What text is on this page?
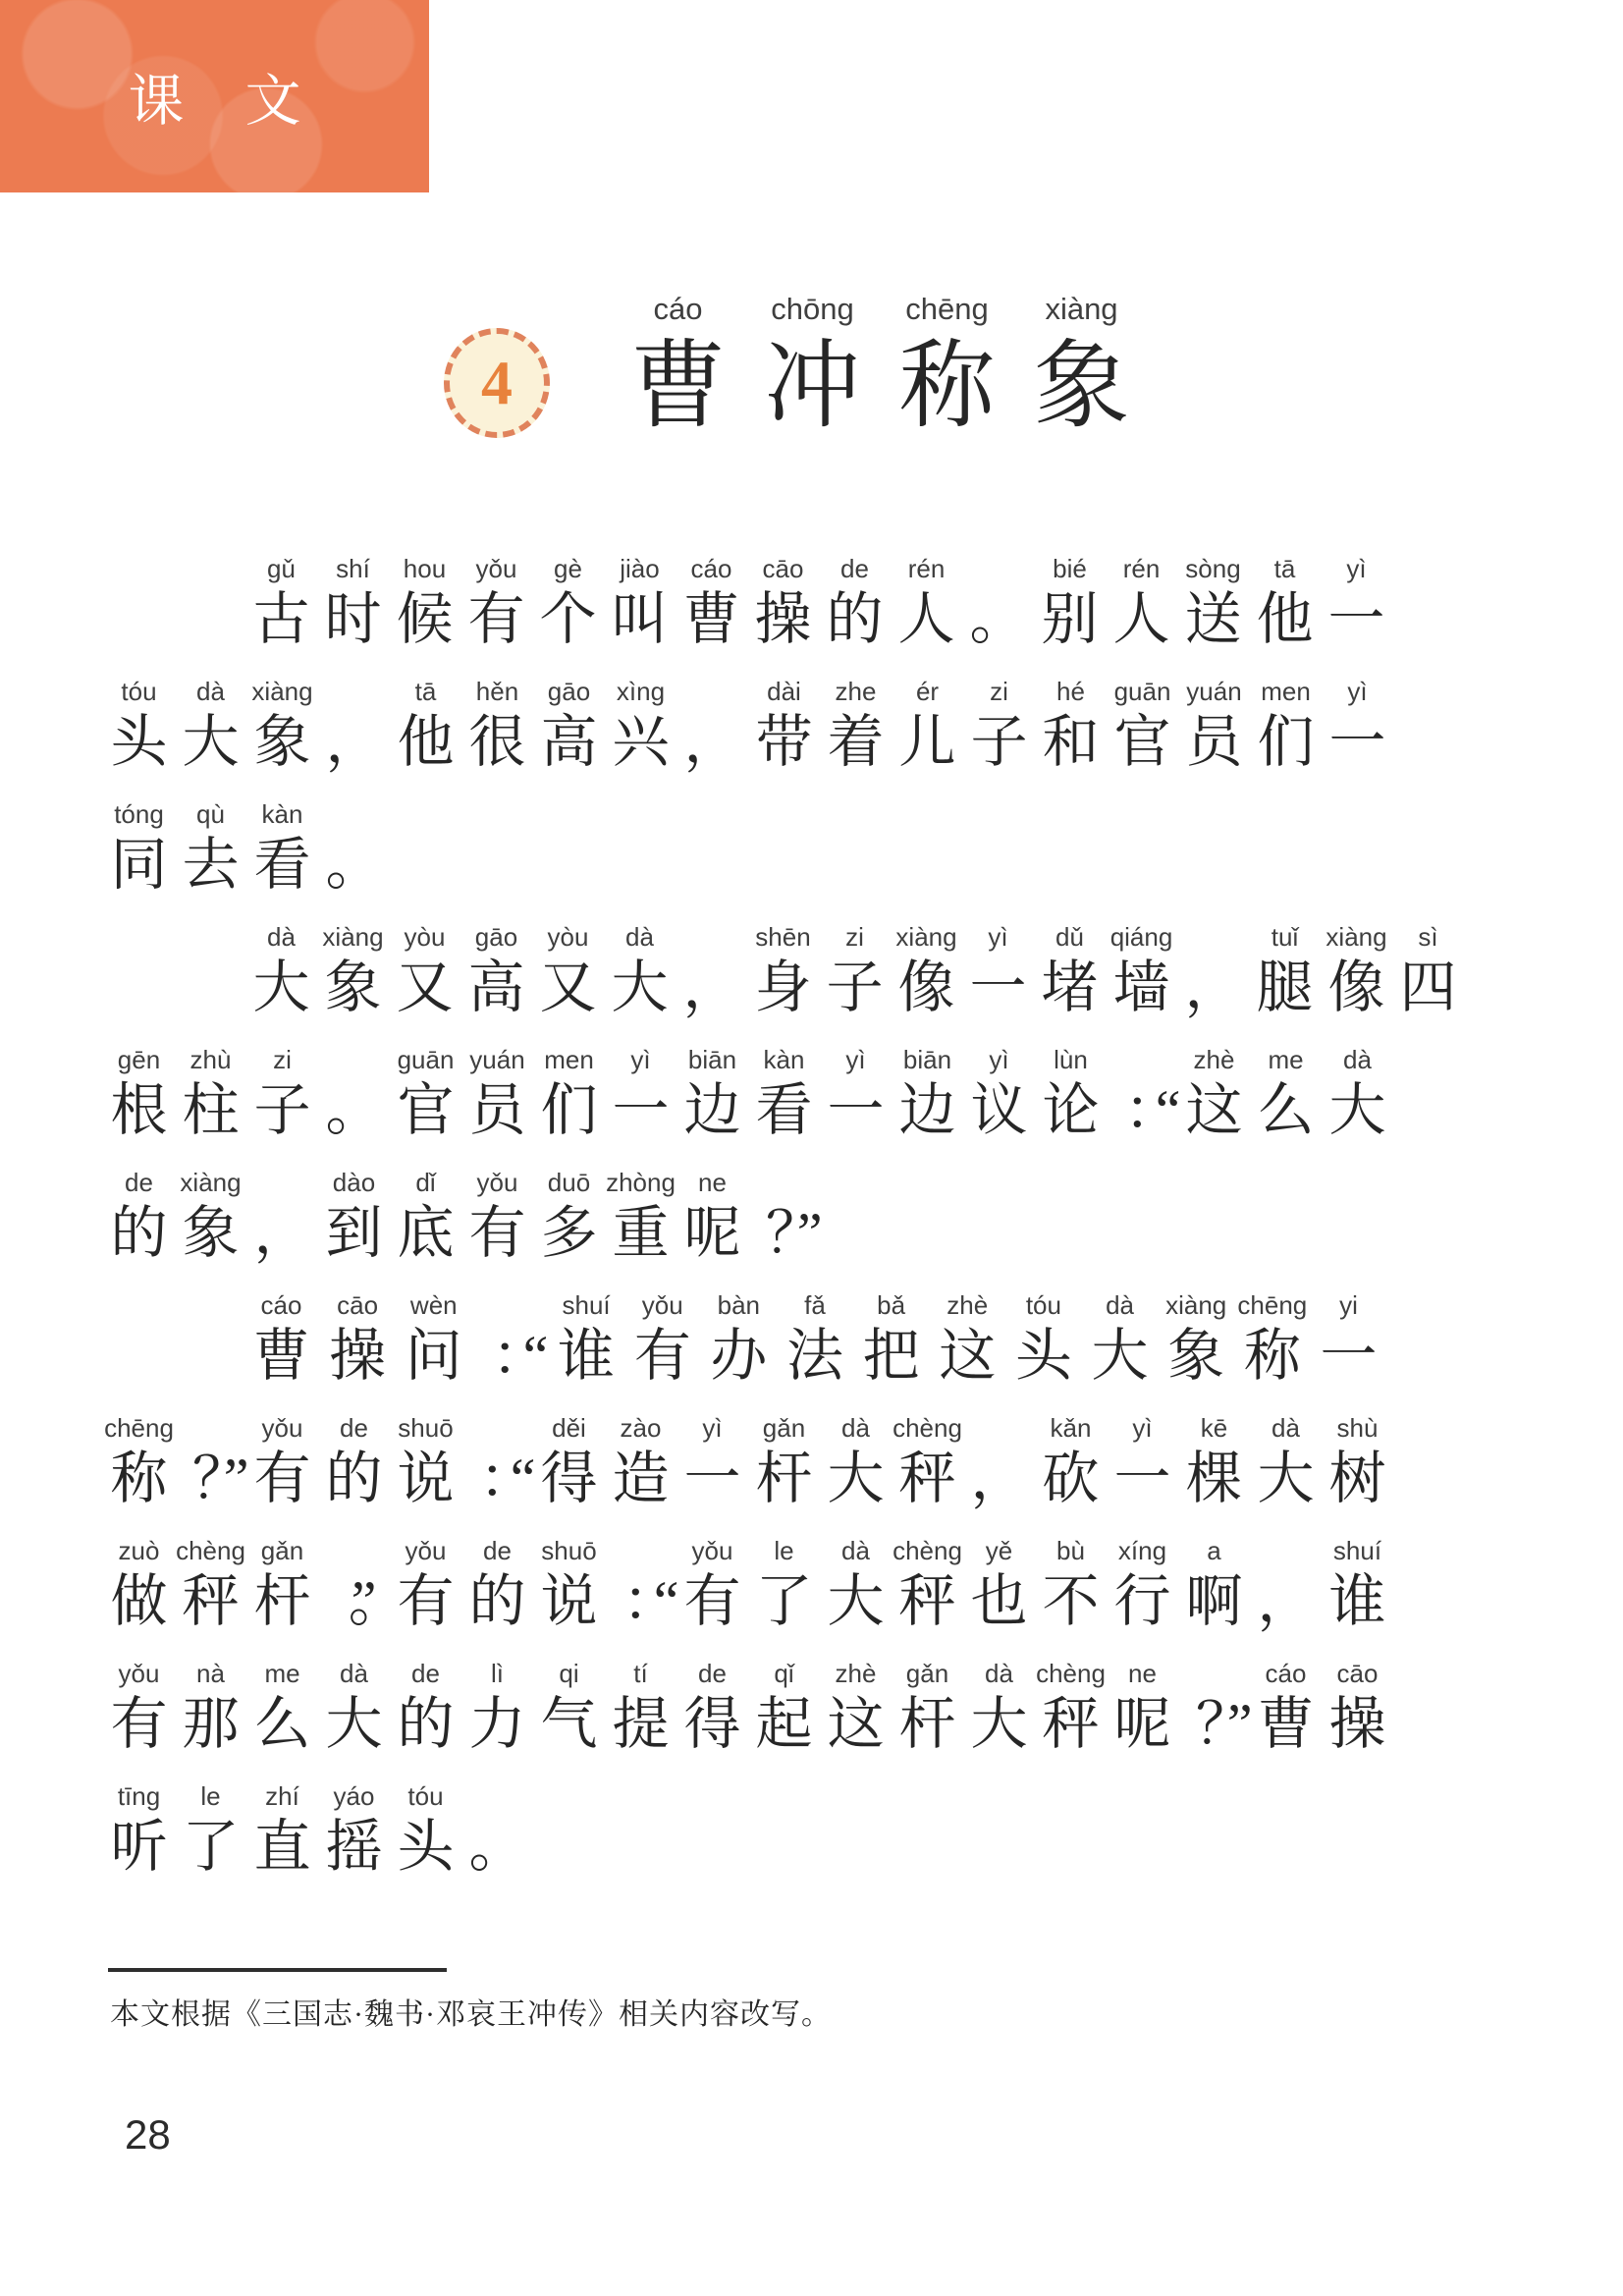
课文
4
cáo
曹
chōng
冲
chēng
称
xiàng
象
gǔ
古
shí
时
hou
候
yǒu
有
gè
个
jiào
叫
cáo
曹
cāo
操
de
的
rén
人 。
bié
别
rén
人
sòng
送
tā
他
yì
一
tóu
头
dà
大
xiàng
象 ，
tā
他
hěn
很
gāo
高
xìng
兴 ，
dài
带
zhe
着
ér
儿
zi
子
hé
和
guān
官
yuán
员
men
们
yì
一
tóng
同
qù
去
kàn
看 。
dà
大
xiàng
象
yòu
又
gāo
高
yòu
又
dà
大 ，
shēn
身
zi
子
xiàng
像
yì
一
dǔ
堵
qiáng
墙 ，
tuǐ
腿
xiàng
像
sì
四
gēn
根
zhù
柱
zi
子 。
guān
官
yuán
员
men
们
yì
一
biān
边
kàn
看
yì
一
biān
边
yì
议
lùn
论 ：“
zhè
这
me
么
dà
大
de
的
xiàng
象 ，
dào
到
dǐ
底
yǒu
有
duō
多
zhòng
重
ne
呢 ？”
cáo
曹
cāo
操
wèn
问 ：“
shuí
谁
yǒu
有
bàn
办
fǎ
法
bǎ
把
zhè
这
tóu
头
dà
大
xiàng
象
chēng
称
yi
一
chēng
称 ？”
yǒu
有
de
的
shuō
说 ：“
děi
得
zào
造
yì
一
gǎn
杆
dà
大
chèng
秤 ，
kǎn
砍
yì
一
kē
棵
dà
大
shù
树
zuò
做
chèng
秤
gǎn
杆 。”
yǒu
有
de
的
shuō
说 ：“
yǒu
有
le
了
dà
大
chèng
秤
yě
也
bù
不
xíng
行
a
啊 ，
shuí
谁
yǒu
有
nà
那
me
么
dà
大
de
的
lì
力
qi
气
tí
提
de
得
qǐ
起
zhè
这
gǎn
杆
dà
大
chèng
秤
ne
呢 ？”
cáo
曹
cāo
操
tīng
听
le
了
zhí
直
yáo
摇
tóu
头 。
本文根据《三国志·魏书·邓哀王冲传》相关内容改写。
28
